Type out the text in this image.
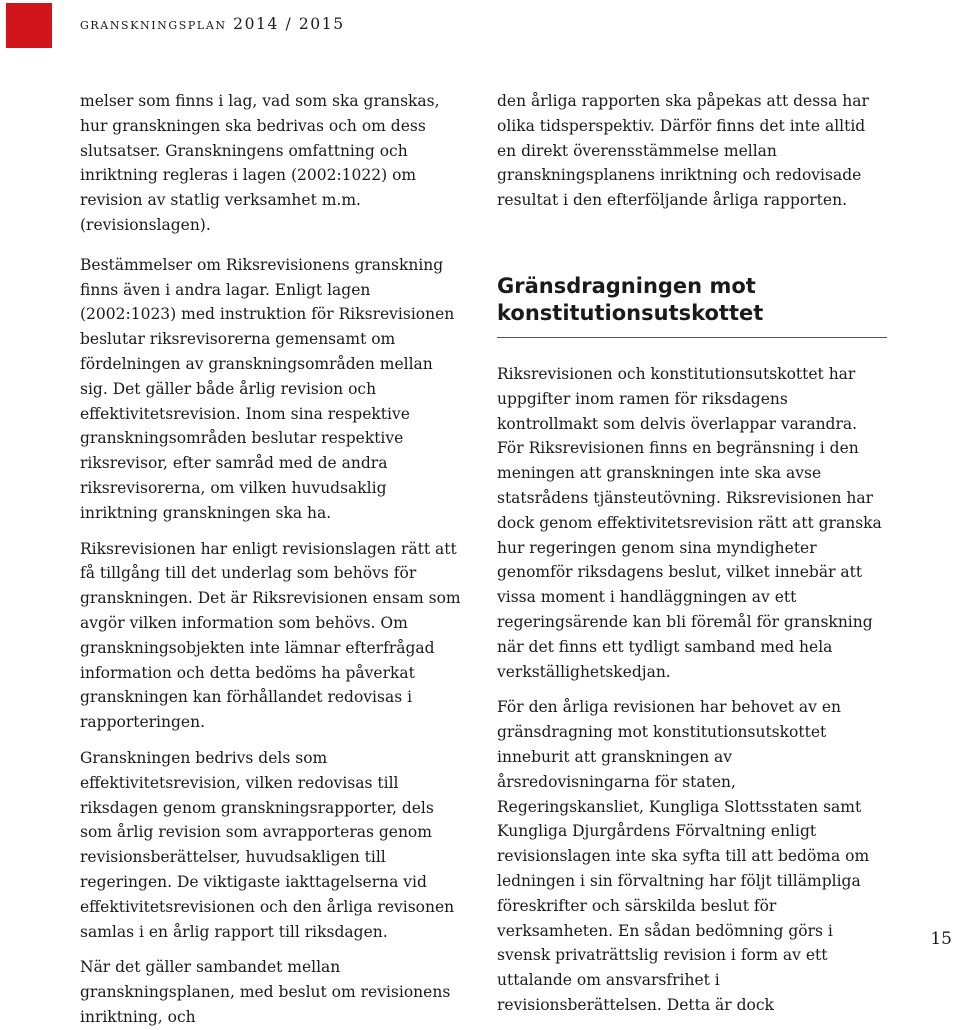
granskningsplan 2014 / 2015

melser som finns i lag, vad som ska granskas, hur granskningen ska bedrivas och om dess slutsatser. Granskningens omfattning och inriktning regleras i lagen (2002:1022) om revision av statlig verksamhet m.m. (revisionslagen).

Bestämmelser om Riksrevisionens granskning finns även i andra lagar. Enligt lagen (2002:1023) med instruktion för Riksrevisionen beslutar riksrevisorerna gemensamt om fördelningen av granskningsområden mellan sig. Det gäller både årlig revision och effektivitetsrevision. Inom sina respektive granskningsområden beslutar respektive riksrevisor, efter samråd med de andra riksrevisorerna, om vilken huvudsaklig inriktning granskningen ska ha.

Riksrevisionen har enligt revisionslagen rätt att få tillgång till det underlag som behövs för granskningen. Det är Riksrevisionen ensam som avgör vilken information som behövs. Om granskningsobjekten inte lämnar efterfrågad information och detta bedöms ha påverkat granskningen kan förhållandet redovisas i rapporteringen.

Granskningen bedrivs dels som effektivitetsrevision, vilken redovisas till riksdagen genom granskningsrapporter, dels som årlig revision som avrapporteras genom revisionsberättelser, huvudsakligen till regeringen. De viktigaste iakttagelserna vid effektivitetsrevisionen och den årliga revisonen samlas i en årlig rapport till riksdagen.

När det gäller sambandet mellan granskningsplanen, med beslut om revisionens inriktning, och

den årliga rapporten ska påpekas att dessa har olika tidsperspektiv. Därför finns det inte alltid en direkt överensstämmelse mellan granskningsplanens inriktning och redovisade resultat i den efterföljande årliga rapporten.

Gränsdragningen mot
konstitutionsutskottet

Riksrevisionen och konstitutionsutskottet har uppgifter inom ramen för riksdagens kontrollmakt som delvis överlappar varandra. För Riksrevisionen finns en begränsning i den meningen att granskningen inte ska avse statsrådens tjänsteutövning. Riksrevisionen har dock genom effektivitetsrevision rätt att granska hur regeringen genom sina myndigheter genomför riksdagens beslut, vilket innebär att vissa moment i handläggningen av ett regeringsärende kan bli föremål för granskning när det finns ett tydligt samband med hela verkställighetskedjan.

För den årliga revisionen har behovet av en gränsdragning mot konstitutionsutskottet inneburit att granskningen av årsredovisningarna för staten, Regeringskansliet, Kungliga Slottsstaten samt Kungliga Djurgårdens Förvaltning enligt revisionslagen inte ska syfta till att bedöma om ledningen i sin förvaltning har följt tillämpliga föreskrifter och särskilda beslut för verksamheten. En sådan bedömning görs i svensk privaträttslig revision i form av ett uttalande om ansvarsfrihet i revisionsberättelsen. Detta är dock

15
